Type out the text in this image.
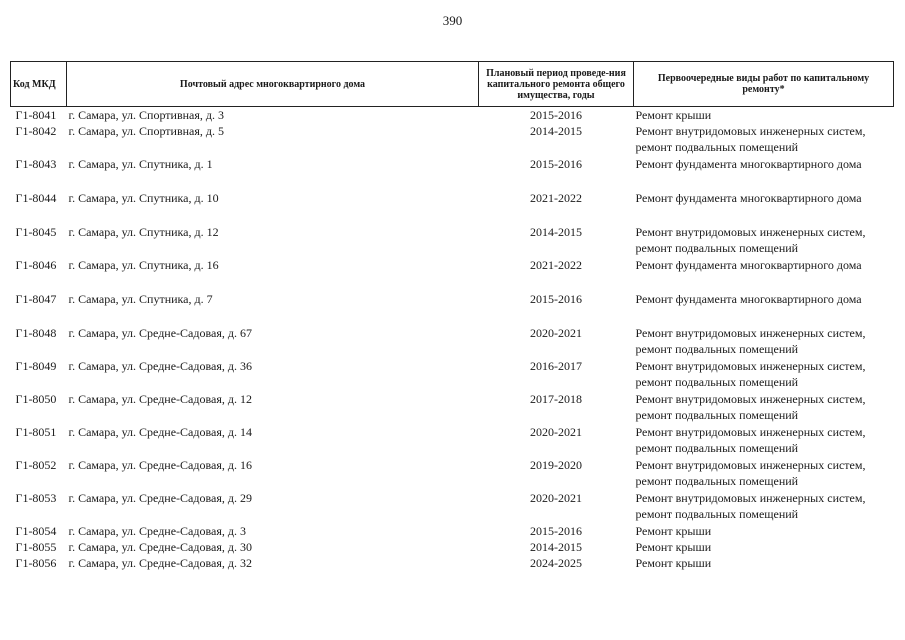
390
Код МКД	Почтовый адрес многоквартирного дома	Плановый период проведе-ния капитального ремонта общего имущества, годы	Первоочередные виды работ по капитальному ремонту*
Г1-8041	г. Самара, ул. Спортивная, д. 3	2015-2016	Ремонт крыши

Г1-8042	г. Самара, ул. Спортивная, д. 5	2014-2015	Ремонт внутридомовых инженерных систем,
ремонт подвальных помещений

Г1-8043	г. Самара, ул. Спутника, д. 1	2015-2016	Ремонт фундамента многоквартирного дома

Г1-8044	г. Самара, ул. Спутника, д. 10	2021-2022	Ремонт фундамента многоквартирного дома

Г1-8045	г. Самара, ул. Спутника, д. 12	2014-2015	Ремонт внутридомовых инженерных систем,
ремонт подвальных помещений

Г1-8046	г. Самара, ул. Спутника, д. 16	2021-2022	Ремонт фундамента многоквартирного дома

Г1-8047	г. Самара, ул. Спутника, д. 7	2015-2016	Ремонт фундамента многоквартирного дома

Г1-8048	г. Самара, ул. Средне-Садовая, д. 67	2020-2021	Ремонт внутридомовых инженерных систем,
ремонт подвальных помещений

Г1-8049	г. Самара, ул. Средне-Садовая, д. 36	2016-2017	Ремонт внутридомовых инженерных систем,
ремонт подвальных помещений

Г1-8050	г. Самара, ул. Средне-Садовая, д. 12	2017-2018	Ремонт внутридомовых инженерных систем,
ремонт подвальных помещений

Г1-8051	г. Самара, ул. Средне-Садовая, д. 14	2020-2021	Ремонт внутридомовых инженерных систем,
ремонт подвальных помещений

Г1-8052	г. Самара, ул. Средне-Садовая, д. 16	2019-2020	Ремонт внутридомовых инженерных систем,
ремонт подвальных помещений

Г1-8053	г. Самара, ул. Средне-Садовая, д. 29	2020-2021	Ремонт внутридомовых инженерных систем,
ремонт подвальных помещений

Г1-8054	г. Самара, ул. Средне-Садовая, д. 3	2015-2016	Ремонт крыши

Г1-8055	г. Самара, ул. Средне-Садовая, д. 30	2014-2015	Ремонт крыши

Г1-8056	г. Самара, ул. Средне-Садовая, д. 32	2024-2025	Ремонт крыши
